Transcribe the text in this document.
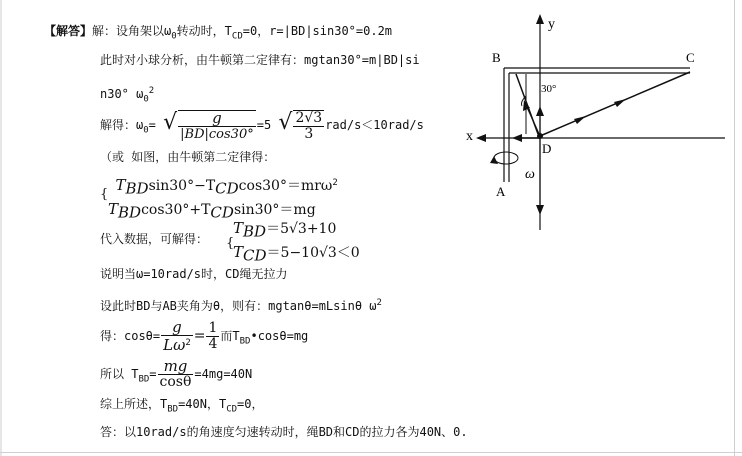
【解答】解：设角架以$\omega_0$转动时，$T_{CD}=0$，r=|BD|sin30°=0.2m
此时对小球分析，由牛顿第二定律有：mgtan30°=m|BD|si
n30° $\omega_0^2$
解得：$\omega_0=$ √ $\frac{g}{|BD|\cos 30^\circ} =5$ √ $\frac{2√3}{3} rad/s<10rad/s$
（或 如图，由牛顿第二定律得：
{ $T_{BD}\sin 30^\circ-T_{CD}\cos 30^\circ=mr\omega^2$
$T_{BD}\cos 30^\circ+T_{CD}\sin 30^\circ=mg$
代入数据，可解得： {
$T_{BD}=5√3+10$
$T_{CD}=5-10√3<0$
说明当ω=10rad/s时，CD绳无拉力
设此时BD与AB夹角为θ，则有：mgtanθ=mLsinθ $\omega^2$
得：$\cos\theta= \frac{g}{L\omega^2} = \frac{1}{4}$ 而$T_{BD}•\cos\theta=mg$
所以 $T_{BD}= \frac{mg}{\cos\theta} =4mg=40N$
综上所述，$T_{BD}=40N$，$T_{CD}=0$，
答：以10rad/s的角速度匀速转动时，绳BD和CD的拉力各为40N、0.
y
x
30°
D
ω
B	C
A
